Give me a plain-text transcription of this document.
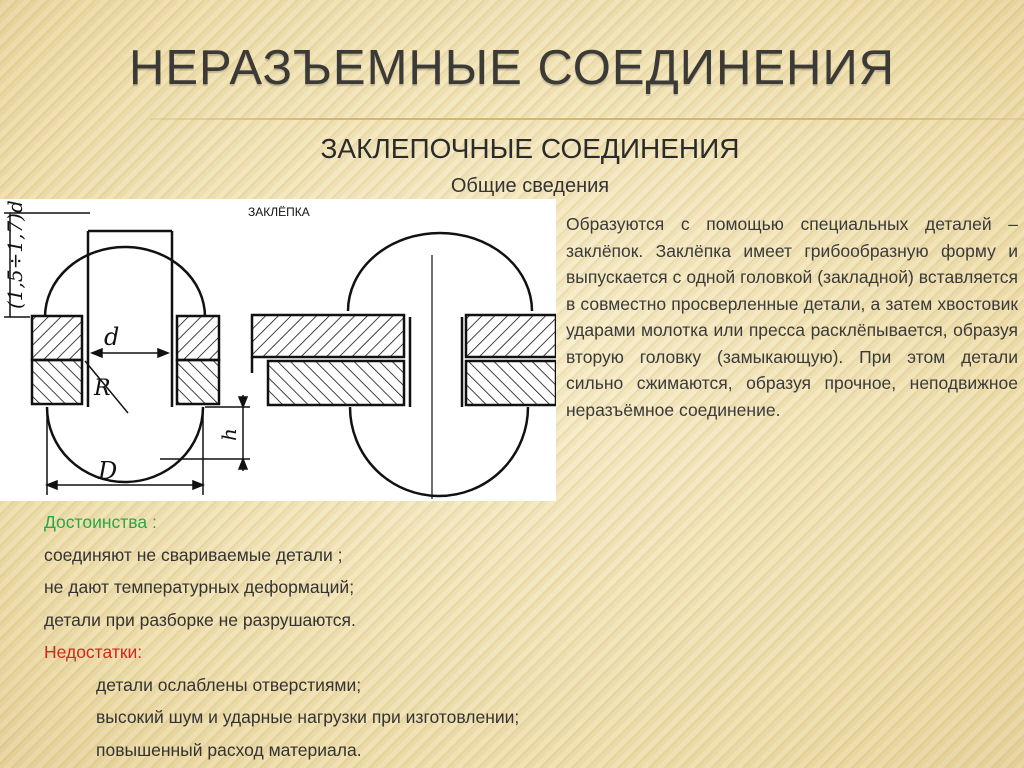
НЕРАЗЪЕМНЫЕ СОЕДИНЕНИЯ
ЗАКЛЕПОЧНЫЕ СОЕДИНЕНИЯ
Общие сведения
(1,5÷1,7)d
d
R
h
D
ЗАКЛЁПКА
Образуются с помощью специальных деталей – заклёпок. Заклёпка имеет грибообразную форму и выпускается с одной головкой (закладной) вставляется в совместно просверленные детали, а затем хвостовик ударами молотка или пресса расклёпывается, образуя вторую головку (замыкающую). При этом детали сильно сжимаются, образуя прочное, неподвижное неразъёмное соединение.
Достоинства :
соединяют не свариваемые детали ;
не дают температурных деформаций;
детали при разборке не разрушаются.
Недостатки:
детали ослаблены отверстиями;
высокий шум и ударные нагрузки при изготовлении;
повышенный расход материала.
